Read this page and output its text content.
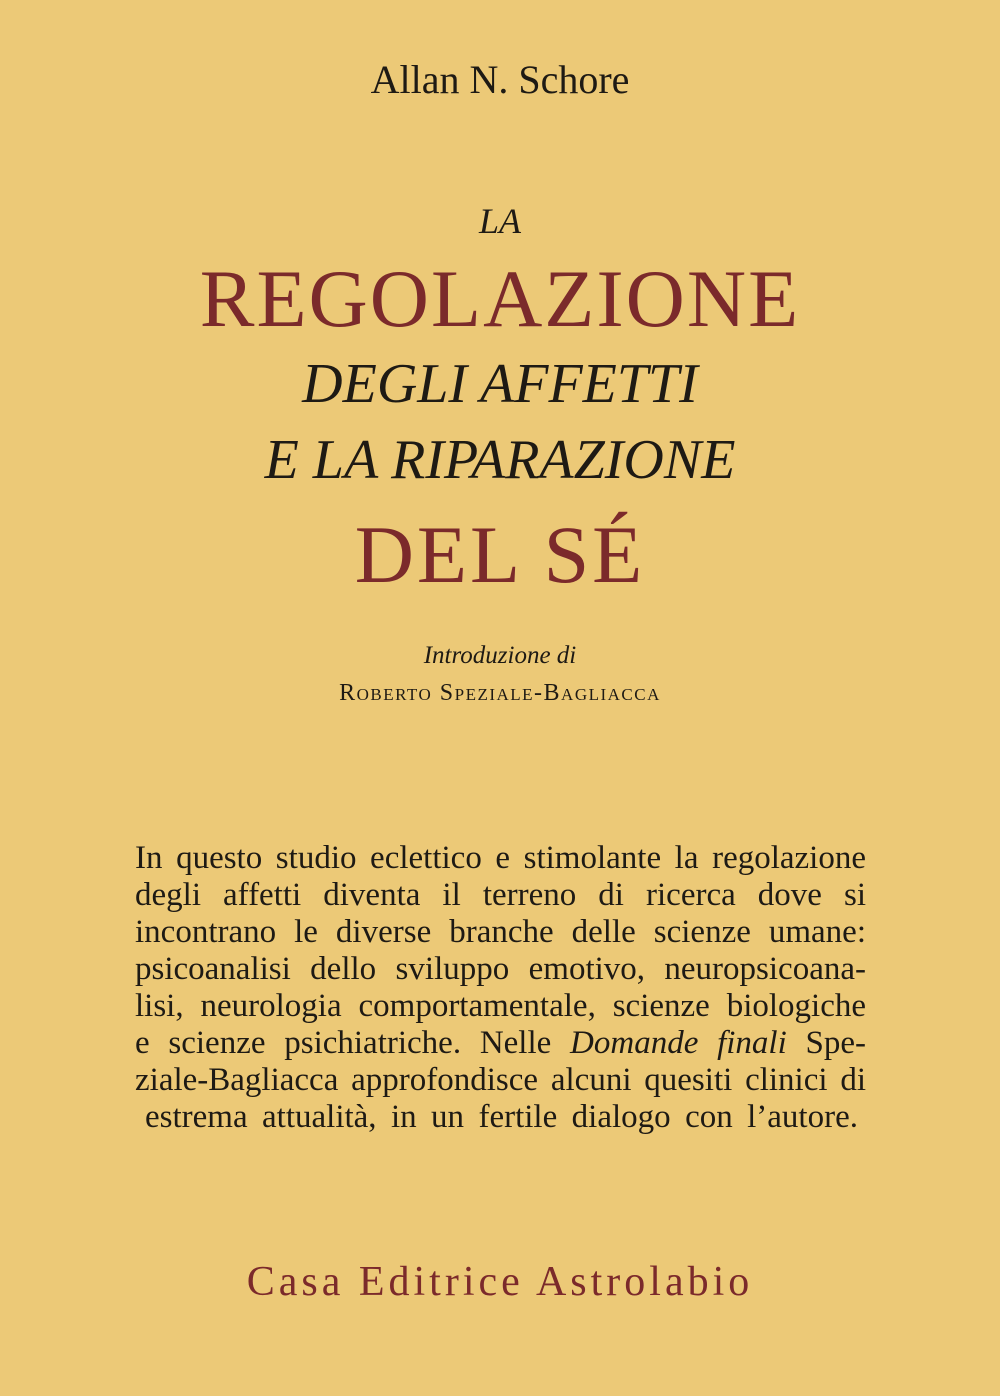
Allan N. Schore
LA
REGOLAZIONE
DEGLI AFFETTI
E LA RIPARAZIONE
DEL SÉ
Introduzione di
Roberto Speziale-Bagliacca
In questo studio eclettico e stimolante la regolazione
degli affetti diventa il terreno di ricerca dove si
incontrano le diverse branche delle scienze umane:
psicoanalisi dello sviluppo emotivo, neuropsicoana-
lisi, neurologia comportamentale, scienze biologiche
e scienze psichiatriche. Nelle Domande finali Spe-
ziale-Bagliacca approfondisce alcuni quesiti clinici di
estrema attualità, in un fertile dialogo con l’autore.
Casa Editrice Astrolabio
